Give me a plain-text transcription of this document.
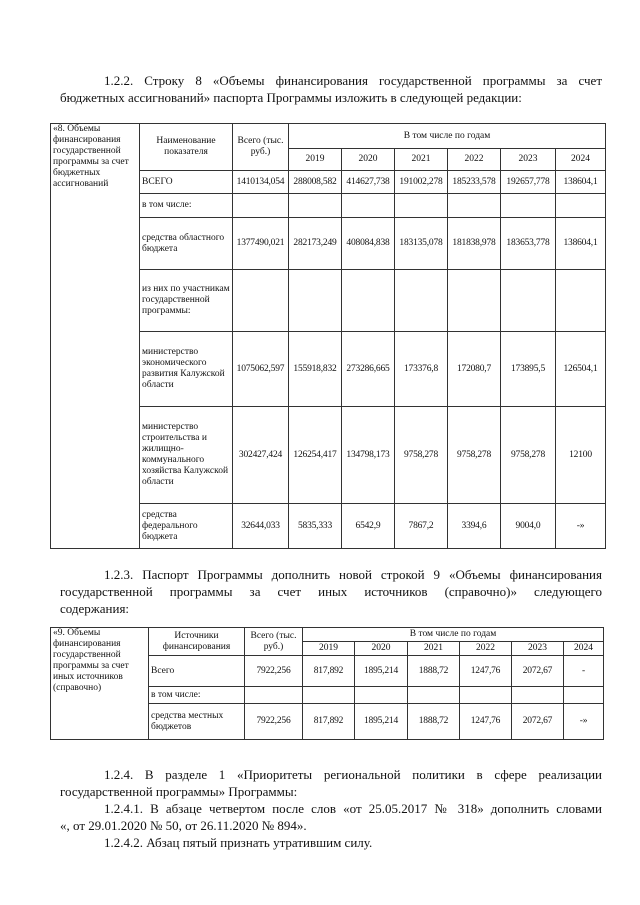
1.2.2. Строку 8 «Объемы финансирования государственной программы за счет
бюджетных ассигнований» паспорта Программы изложить в следующей редакции:
«8. Объемы финансирования государственной программы за счет бюджетных ассигнований	Наименование показателя	Всего (тыс. руб.)	В том числе по годам					
			2019	2020	2021	2022	2023	2024
	ВСЕГО	1410134,054	288008,582	414627,738	191002,278	185233,578	192657,778	138604,1
	в том числе:							
	средства областного бюджета	1377490,021	282173,249	408084,838	183135,078	181838,978	183653,778	138604,1
	из них по участникам государственной программы:							
	министерство экономического развития Калужской области	1075062,597	155918,832	273286,665	173376,8	172080,7	173895,5	126504,1
	министерство строительства и жилищно-коммунального хозяйства Калужской области	302427,424	126254,417	134798,173	9758,278	9758,278	9758,278	12100
	средства федерального бюджета	32644,033	5835,333	6542,9	7867,2	3394,6	9004,0	-»
1.2.3. Паспорт Программы дополнить новой строкой 9 «Объемы финансирования
государственной программы за счет иных источников (справочно)» следующего
содержания:
«9. Объемы финансирования государственной программы за счет иных источников (справочно)	Источники финансирования	Всего (тыс. руб.)	В том числе по годам					
			2019	2020	2021	2022	2023	2024
	Всего	7922,256	817,892	1895,214	1888,72	1247,76	2072,67	-
	в том числе:							
	средства местных бюджетов	7922,256	817,892	1895,214	1888,72	1247,76	2072,67	-»
1.2.4. В разделе 1 «Приоритеты региональной политики в сфере реализации
государственной программы» Программы:
1.2.4.1. В абзаце четвертом после слов «от 25.05.2017 № 318» дополнить словами
«, от 29.01.2020 № 50, от 26.11.2020 № 894».
1.2.4.2. Абзац пятый признать утратившим силу.
